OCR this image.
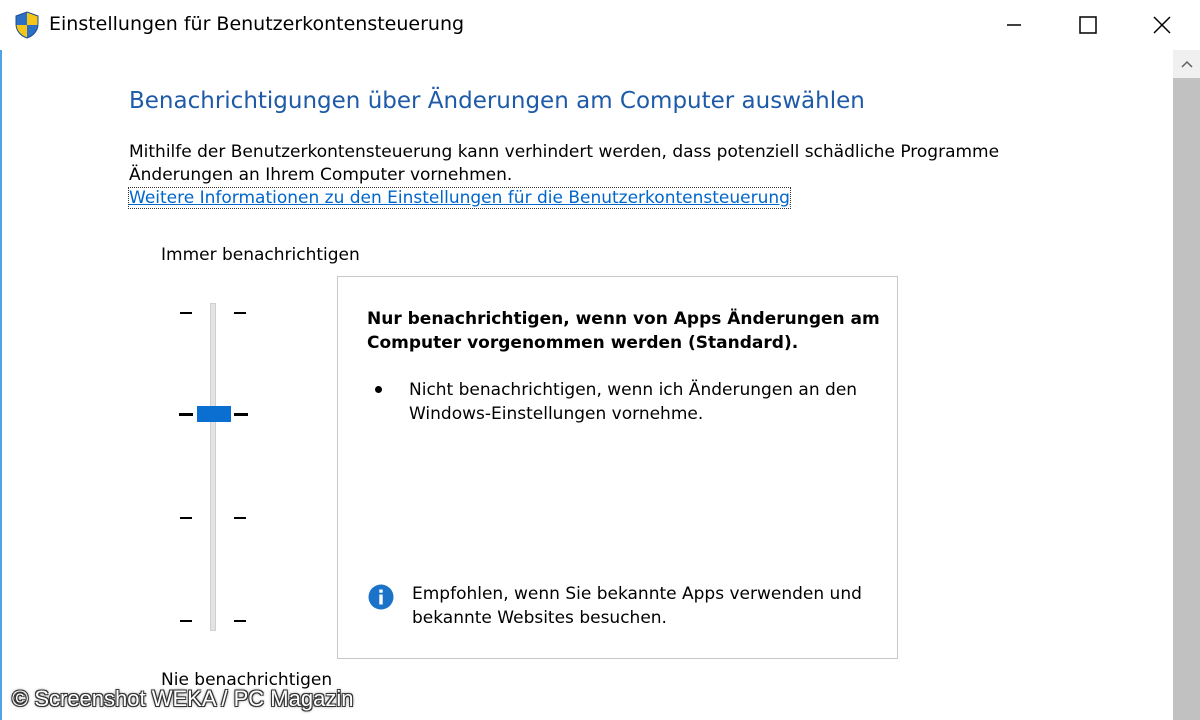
Einstellungen für Benutzerkontensteuerung
Benachrichtigungen über Änderungen am Computer auswählen
Mithilfe der Benutzerkontensteuerung kann verhindert werden, dass potenziell schädliche Programme
Änderungen an Ihrem Computer vornehmen.
Weitere Informationen zu den Einstellungen für die Benutzerkontensteuerung
Immer benachrichtigen
Nie benachrichtigen
Nur benachrichtigen, wenn von Apps Änderungen am Computer vorgenommen werden (Standard).
Nicht benachrichtigen, wenn ich Änderungen an den Windows-Einstellungen vornehme.
Empfohlen, wenn Sie bekannte Apps verwenden und bekannte Websites besuchen.
© Screenshot WEKA / PC Magazin
